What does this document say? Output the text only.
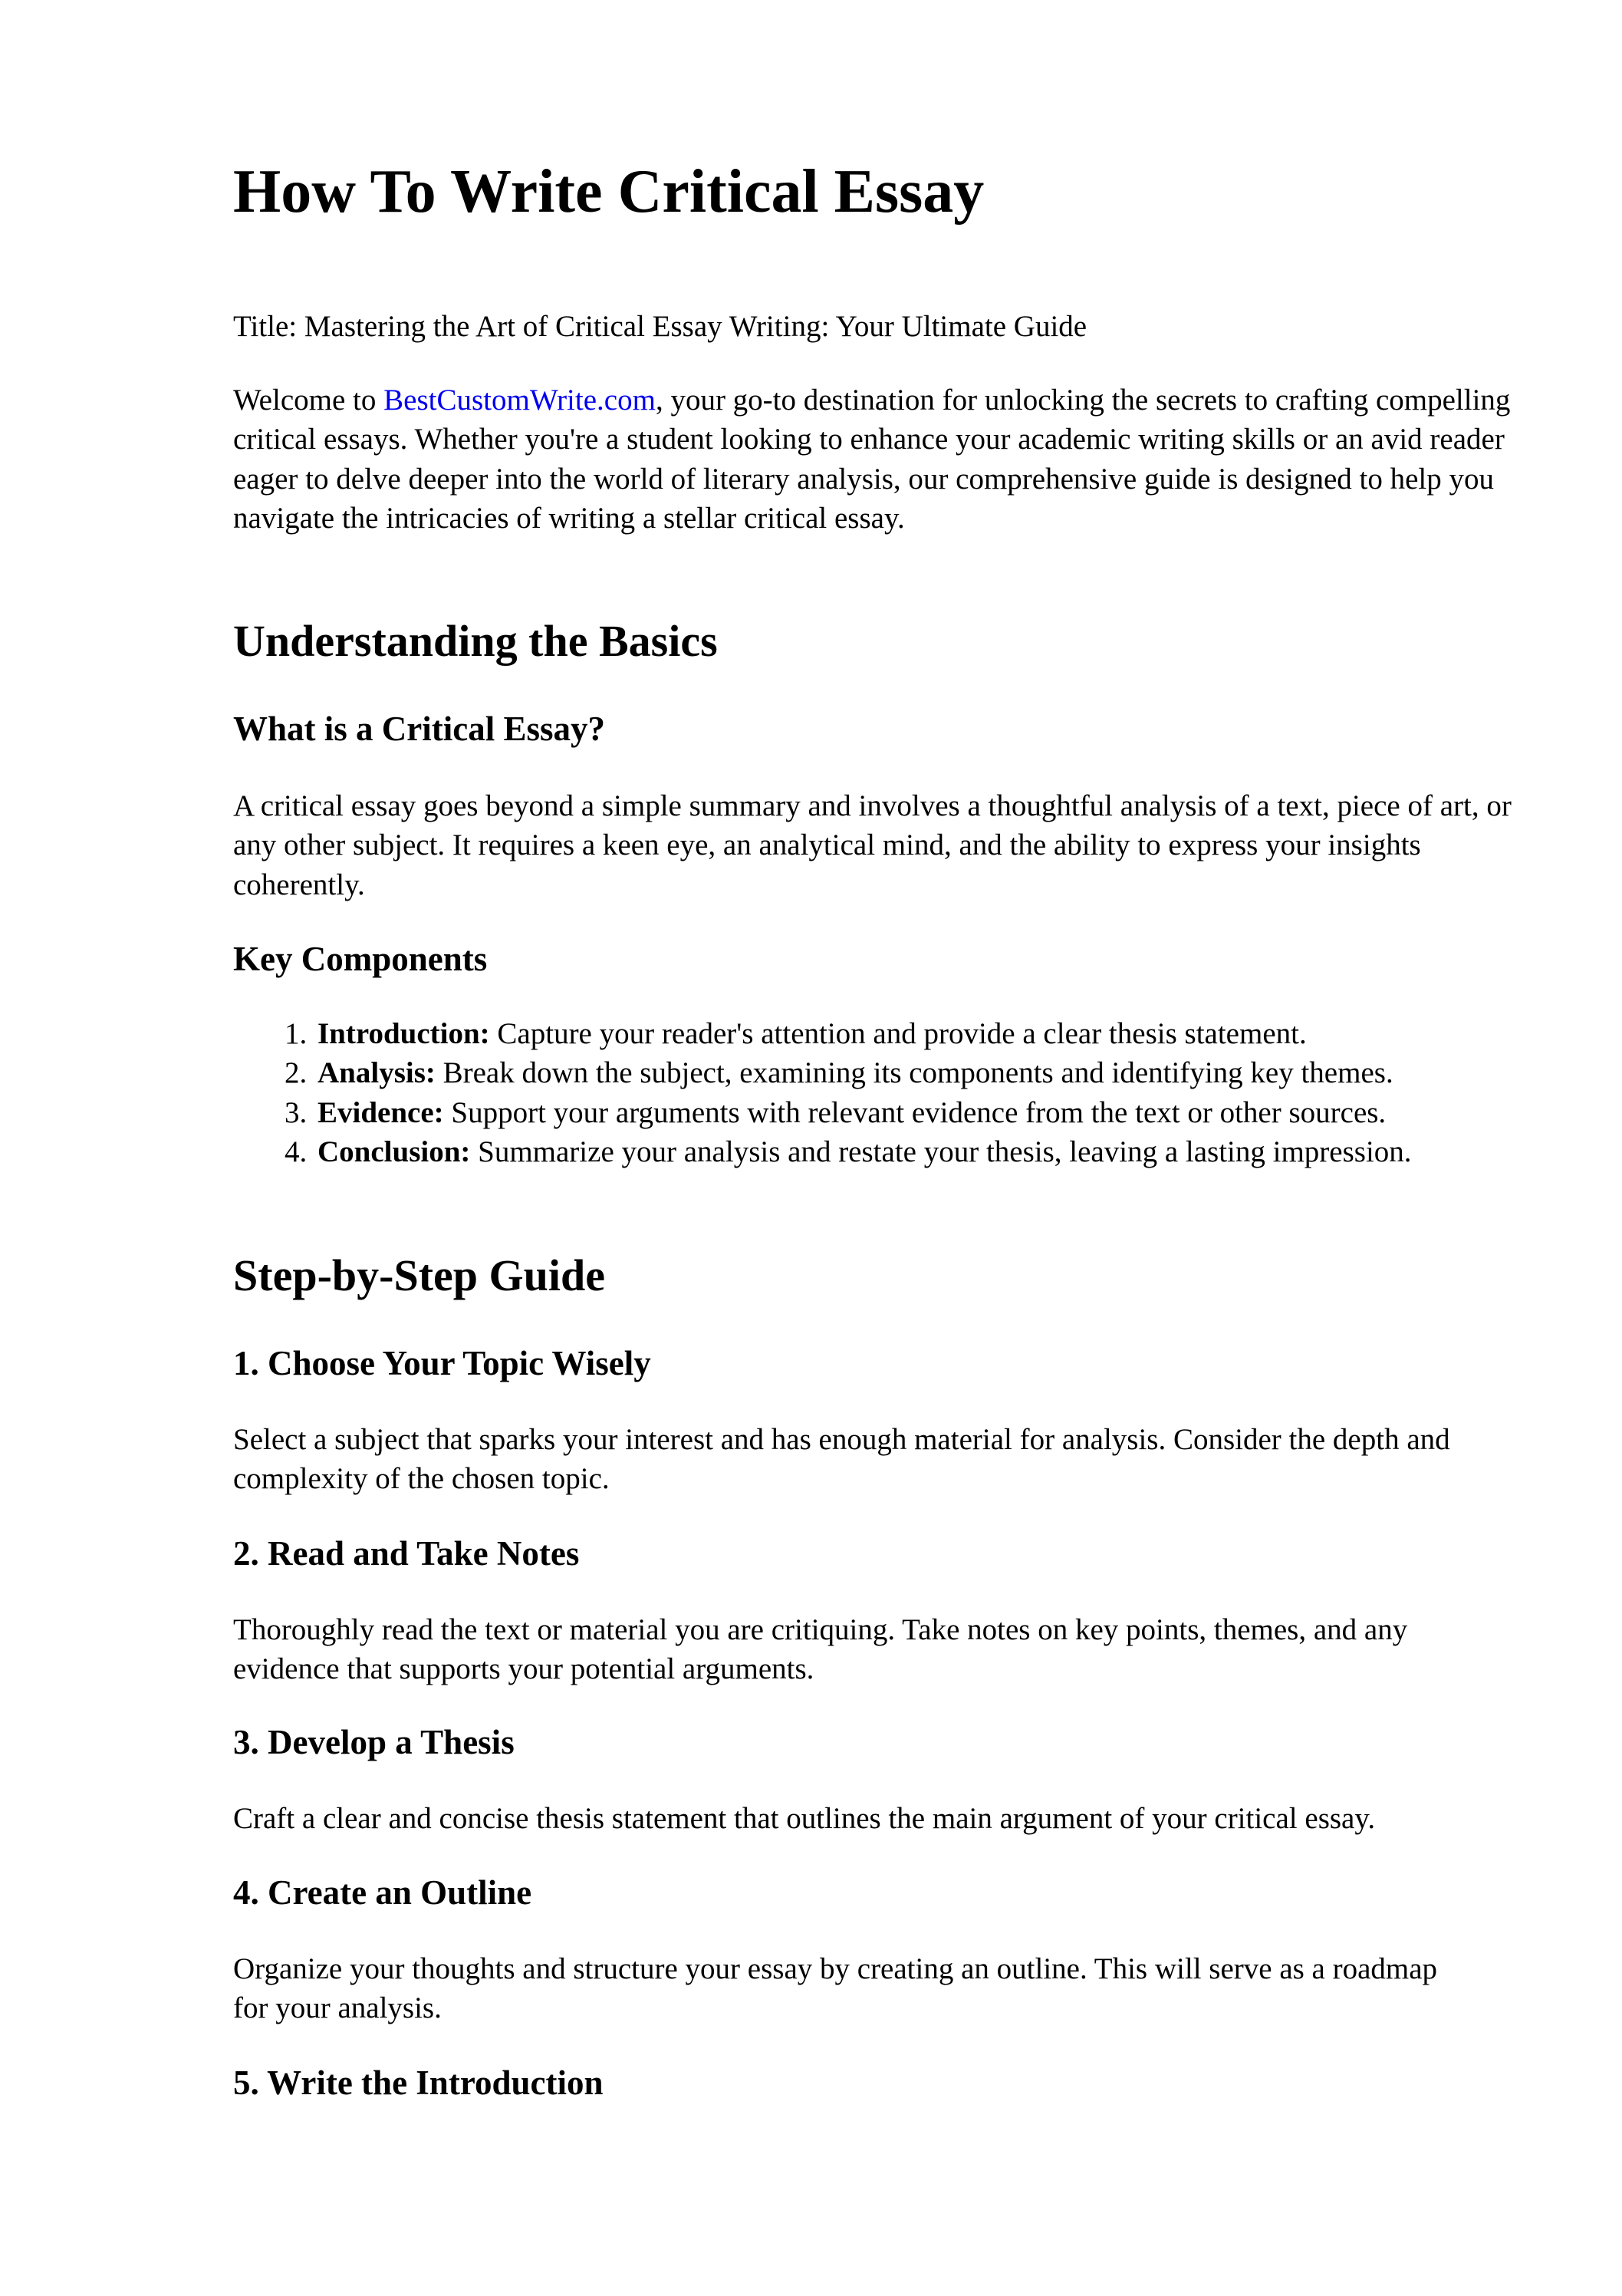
How To Write Critical Essay

Title: Mastering the Art of Critical Essay Writing: Your Ultimate Guide

Welcome to BestCustomWrite.com, your go-to destination for unlocking the secrets to crafting compelling critical essays. Whether you're a student looking to enhance your academic writing skills or an avid reader eager to delve deeper into the world of literary analysis, our comprehensive guide is designed to help you navigate the intricacies of writing a stellar critical essay.

Understanding the Basics
What is a Critical Essay?

A critical essay goes beyond a simple summary and involves a thoughtful analysis of a text, piece of art, or any other subject. It requires a keen eye, an analytical mind, and the ability to express your insights coherently.

Key Components
1. Introduction: Capture your reader's attention and provide a clear thesis statement.
2. Analysis: Break down the subject, examining its components and identifying key themes.
3. Evidence: Support your arguments with relevant evidence from the text or other sources.
4. Conclusion: Summarize your analysis and restate your thesis, leaving a lasting impression.
Step-by-Step Guide
1. Choose Your Topic Wisely

Select a subject that sparks your interest and has enough material for analysis. Consider the depth and complexity of the chosen topic.

2. Read and Take Notes

Thoroughly read the text or material you are critiquing. Take notes on key points, themes, and any evidence that supports your potential arguments.

3. Develop a Thesis

Craft a clear and concise thesis statement that outlines the main argument of your critical essay.

4. Create an Outline

Organize your thoughts and structure your essay by creating an outline. This will serve as a roadmap for your analysis.

5. Write the Introduction
